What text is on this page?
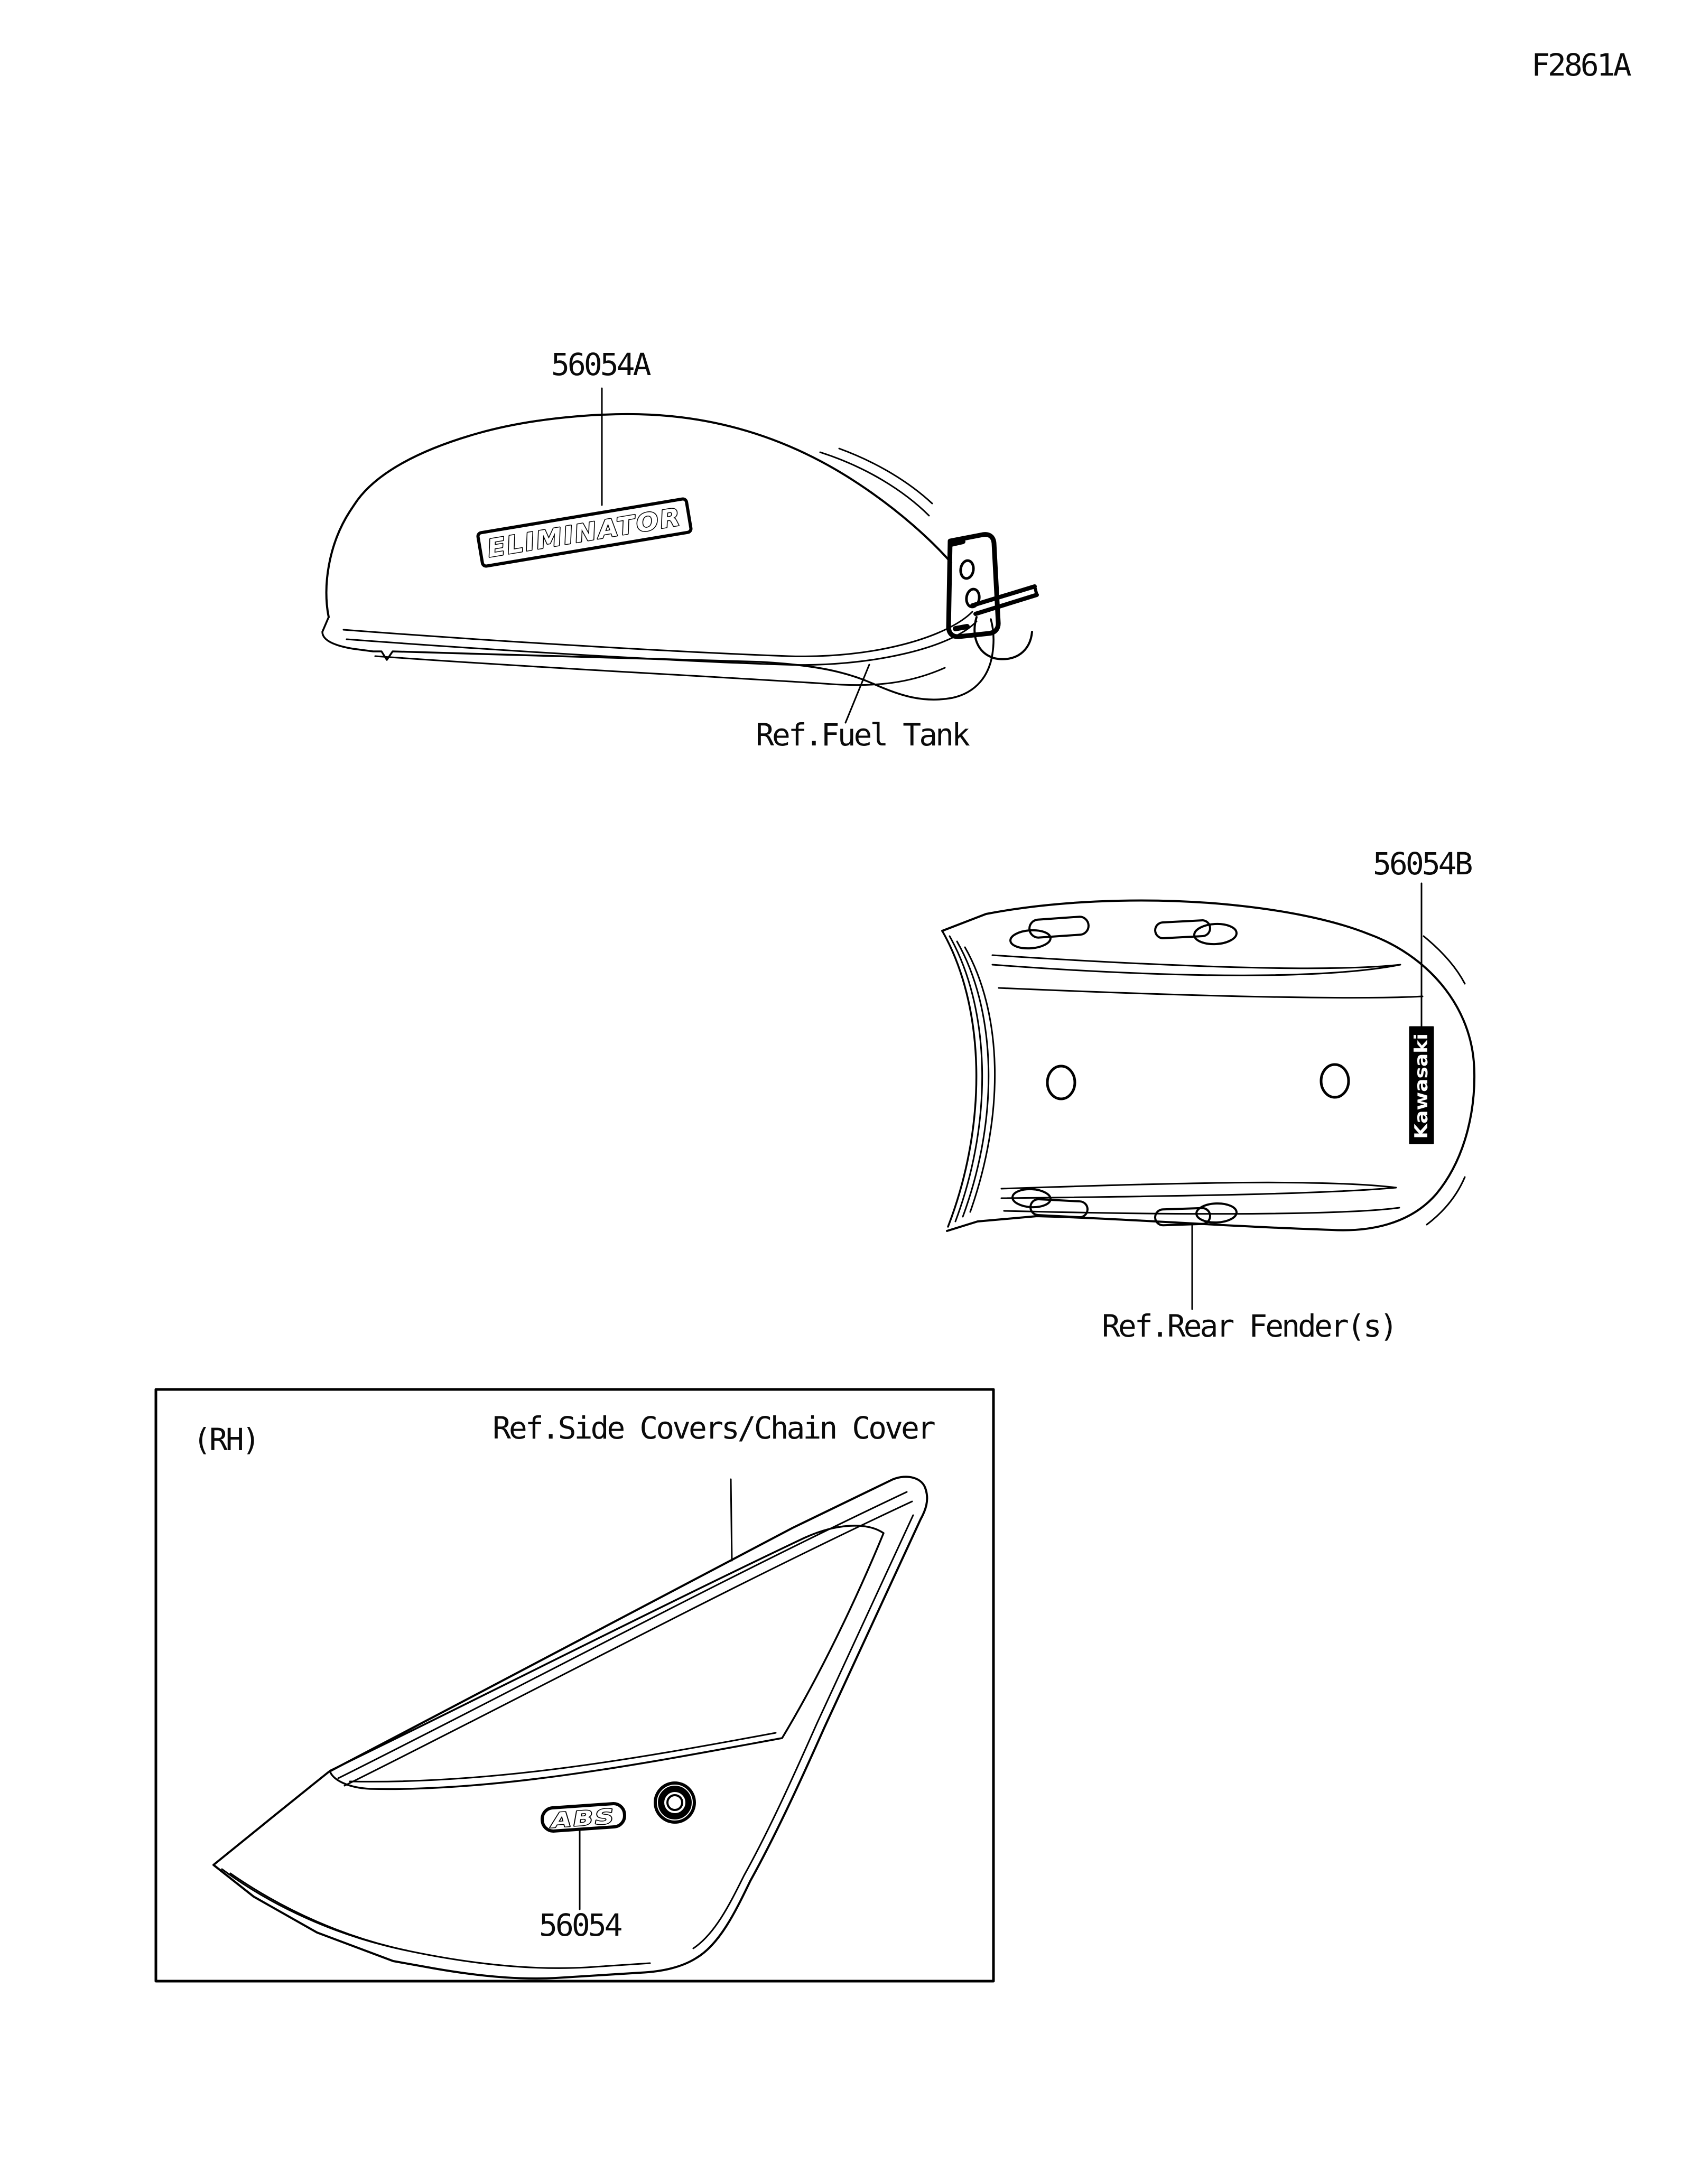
ELIMINATOR
Kawasaki
ABS
F2861A
56054A
Ref.Fuel Tank
56054B
Ref.Rear Fender(s)
(RH)	Ref.Side Covers/Chain Cover
56054
